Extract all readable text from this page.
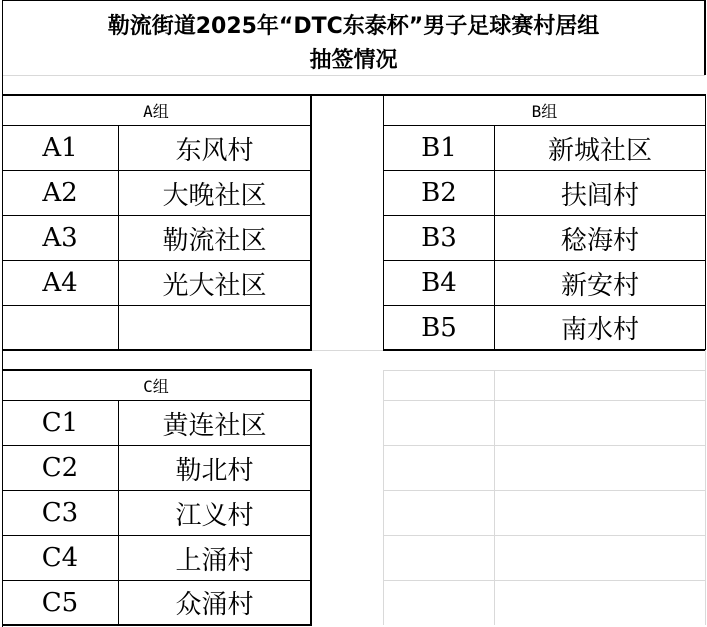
勒流街道2025年“DTC东泰杯”男子足球赛村居组
抽签情况
A组
A1	东风村
A2	大晚社区
A3	勒流社区
A4	光大社区
B组
B1	新城社区
B2	扶闾村
B3	稔海村
B4	新安村
B5	南水村
C组
C1	黄连社区
C2	勒北村
C3	江义村
C4	上涌村
C5	众涌村
